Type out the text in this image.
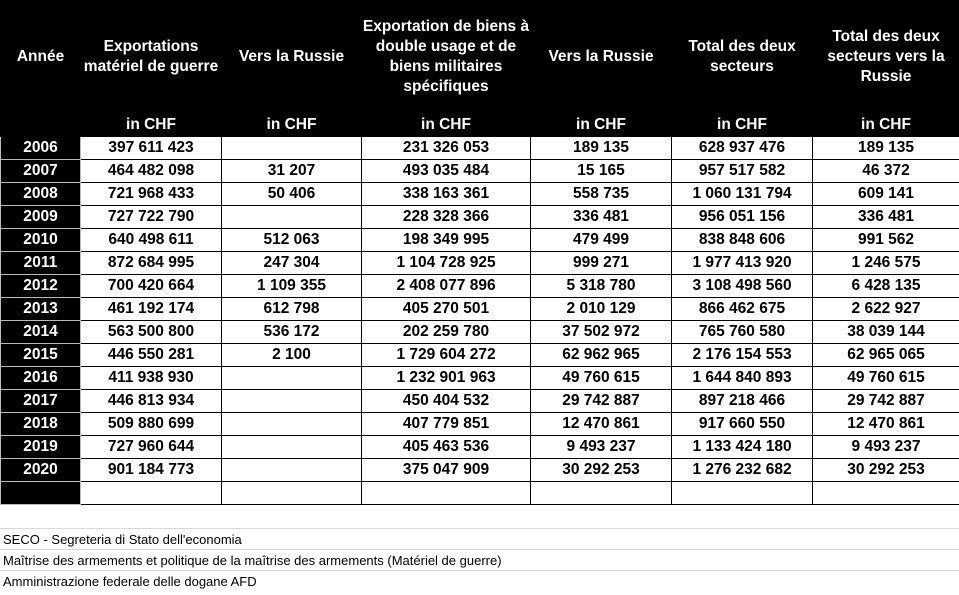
Année	Exportations matériel de guerre	Vers la Russie	Exportation de biens à double usage et de biens militaires spécifiques	Vers la Russie	Total des deux secteurs	Total des deux secteurs vers la Russie
	in CHF	in CHF	in CHF	in CHF	in CHF	in CHF
2006	397 611 423		231 326 053	189 135	628 937 476	189 135
2007	464 482 098	31 207	493 035 484	15 165	957 517 582	46 372
2008	721 968 433	50 406	338 163 361	558 735	1 060 131 794	609 141
2009	727 722 790		228 328 366	336 481	956 051 156	336 481
2010	640 498 611	512 063	198 349 995	479 499	838 848 606	991 562
2011	872 684 995	247 304	1 104 728 925	999 271	1 977 413 920	1 246 575
2012	700 420 664	1 109 355	2 408 077 896	5 318 780	3 108 498 560	6 428 135
2013	461 192 174	612 798	405 270 501	2 010 129	866 462 675	2 622 927
2014	563 500 800	536 172	202 259 780	37 502 972	765 760 580	38 039 144
2015	446 550 281	2 100	1 729 604 272	62 962 965	2 176 154 553	62 965 065
2016	411 938 930		1 232 901 963	49 760 615	1 644 840 893	49 760 615
2017	446 813 934		450 404 532	29 742 887	897 218 466	29 742 887
2018	509 880 699		407 779 851	12 470 861	917 660 550	12 470 861
2019	727 960 644		405 463 536	9 493 237	1 133 424 180	9 493 237
2020	901 184 773		375 047 909	30 292 253	1 276 232 682	30 292 253

SECO - Segreteria di Stato dell'economia
Maîtrise des armements et politique de la maîtrise des armements (Matériel de guerre)
Amministrazione federale delle dogane AFD
